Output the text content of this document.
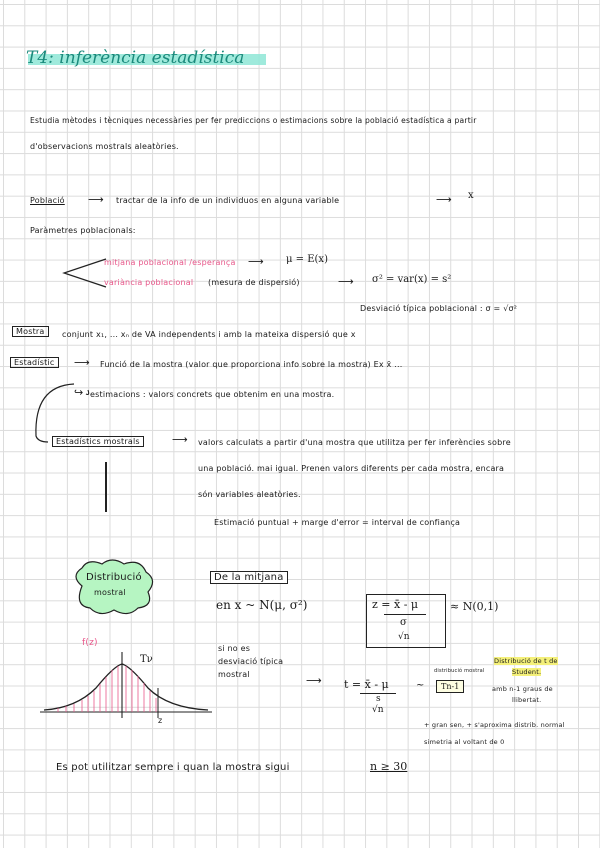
T4: inferència estadística
Estudia mètodes i tècniques necessàries per fer prediccions o estimacions sobre la població estadística a partir
d'observacions mostrals aleatòries.
Població ⟶ tractar de la info de un individuos en alguna variable	⟶ x
Paràmetres poblacionals:
mitjana poblacional /esperança ⟶ μ = E(x)
variància poblacional (mesura de dispersió)	⟶ σ² = var(x) = s²
Desviació típica poblacional : σ = √σ²
Mostra	conjunt x₁, ... xₙ de VA independents i amb la mateixa dispersió que x
Estadístic	⟶ Funció de la mostra (valor que proporciona info sobre la mostra) Ex x̄ ...
↪ estimacions : valors concrets que obtenim en una mostra.
Estadístics mostrals	⟶ valors calculats a partir d'una mostra que utilitza per fer inferències sobre
una població. mai igual. Prenen valors diferents per cada mostra, encara
són variables aleatòries.
Estimació puntual + marge d'error = interval de confiança
Distribució
mostral
De la mitjana
en x ~ N(μ, σ²)	z = x̄ - μ
σ
√n
≈ N(0,1)
f(z)
Tν
z
si no es
desviació típica
mostral	⟶ t = x̄ - μ
s
√n
~	Tn-1
distribució mostral
Distribució de t de
Student.
amb n-1 graus de
llibertat.
+ gran sen, + s'aproxima distrib. normal
simetria al voltant de 0
Es pot utilitzar sempre i quan la mostra sigui	n ≥ 30
